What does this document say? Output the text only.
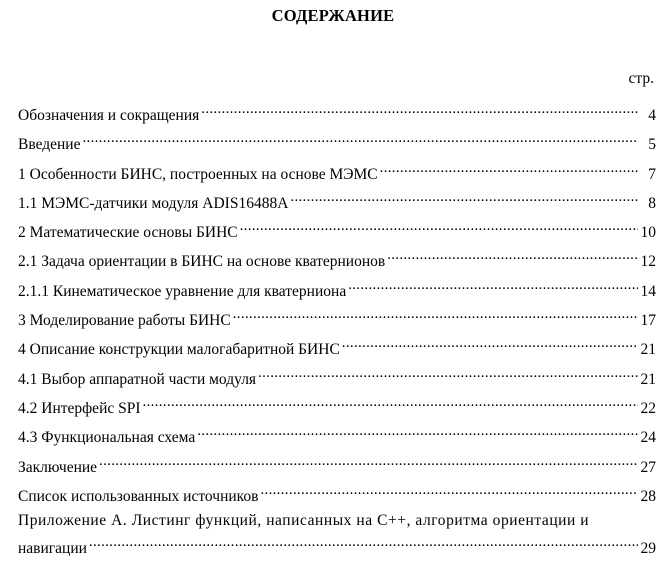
СОДЕРЖАНИЕ
стр.
Обозначения и сокращения .....	4
Введение .....	5
1 Особенности БИНС, построенных на основе МЭМС .....	7
1.1 МЭМС-датчики модуля ADIS16488A .....	8
2 Математические основы БИНС .....	10
2.1 Задача ориентации в БИНС на основе кватернионов .....	12
2.1.1 Кинематическое уравнение для кватерниона .....	14
3 Моделирование работы БИНС .....	17
4 Описание конструкции малогабаритной БИНС .....	21
4.1 Выбор аппаратной части модуля .....	21
4.2 Интерфейс SPI .....	22
4.3 Функциональная схема .....	24
Заключение .....	27
Список использованных источников .....	28
Приложение А. Листинг функций, написанных на С++, алгоритма ориентации и
навигации .....	29
